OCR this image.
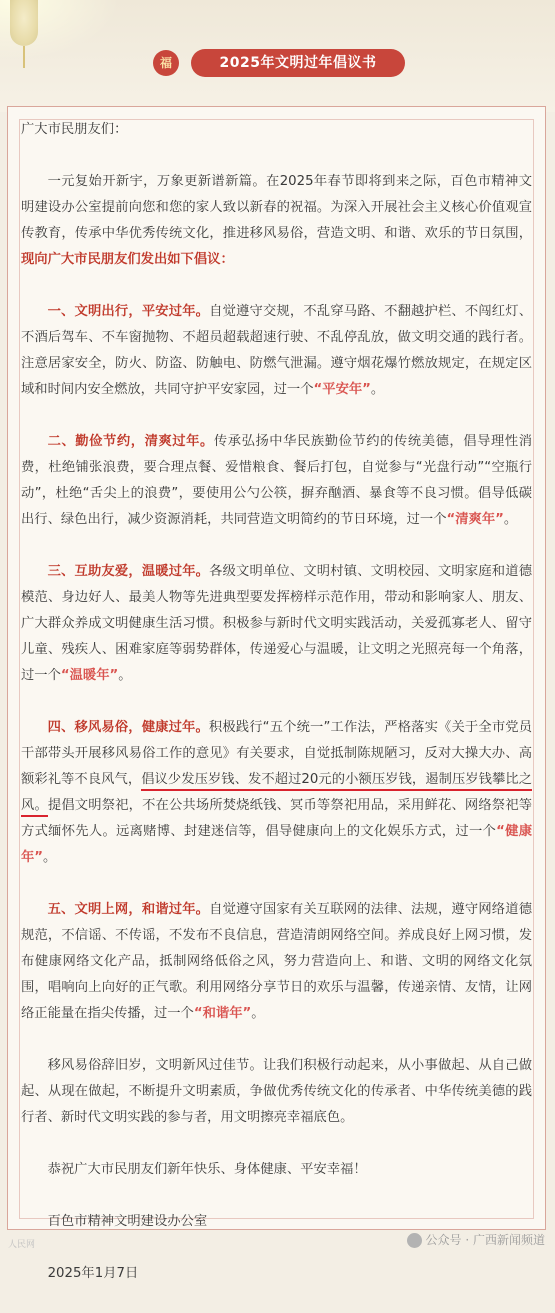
福	2025年文明过年倡议书

广大市民朋友们：

一元复始开新宇，万象更新谱新篇。在2025年春节即将到来之际，百色市精神文明建设办公室提前向您和您的家人致以新春的祝福。为深入开展社会主义核心价值观宣传教育，传承中华优秀传统文化，推进移风易俗，营造文明、和谐、欢乐的节日氛围，现向广大市民朋友们发出如下倡议：

一、文明出行，平安过年。自觉遵守交规，不乱穿马路、不翻越护栏、不闯红灯、不酒后驾车、不车窗抛物、不超员超载超速行驶、不乱停乱放，做文明交通的践行者。注意居家安全，防火、防盗、防触电、防燃气泄漏。遵守烟花爆竹燃放规定，在规定区域和时间内安全燃放，共同守护平安家园，过一个“平安年”。

二、勤俭节约，清爽过年。传承弘扬中华民族勤俭节约的传统美德，倡导理性消费，杜绝铺张浪费，要合理点餐、爱惜粮食、餐后打包，自觉参与“光盘行动”“空瓶行动”，杜绝“舌尖上的浪费”，要使用公勺公筷，摒弃酗酒、暴食等不良习惯。倡导低碳出行、绿色出行，减少资源消耗，共同营造文明简约的节日环境，过一个“清爽年”。

三、互助友爱，温暖过年。各级文明单位、文明村镇、文明校园、文明家庭和道德模范、身边好人、最美人物等先进典型要发挥榜样示范作用，带动和影响家人、朋友、广大群众养成文明健康生活习惯。积极参与新时代文明实践活动，关爱孤寡老人、留守儿童、残疾人、困难家庭等弱势群体，传递爱心与温暖，让文明之光照亮每一个角落，过一个“温暖年”。

四、移风易俗，健康过年。积极践行“五个统一”工作法，严格落实《关于全市党员干部带头开展移风易俗工作的意见》有关要求，自觉抵制陈规陋习，反对大操大办、高额彩礼等不良风气，倡议少发压岁钱、发不超过20元的小额压岁钱，遏制压岁钱攀比之风。提倡文明祭祀，不在公共场所焚烧纸钱、冥币等祭祀用品，采用鲜花、网络祭祀等方式缅怀先人。远离赌博、封建迷信等，倡导健康向上的文化娱乐方式，过一个“健康年”。

五、文明上网，和谐过年。自觉遵守国家有关互联网的法律、法规，遵守网络道德规范，不信谣、不传谣，不发布不良信息，营造清朗网络空间。养成良好上网习惯，发布健康网络文化产品，抵制网络低俗之风，努力营造向上、和谐、文明的网络文化氛围，唱响向上向好的正气歌。利用网络分享节日的欢乐与温馨，传递亲情、友情，让网络正能量在指尖传播，过一个“和谐年”。

移风易俗辞旧岁，文明新风过佳节。让我们积极行动起来，从小事做起、从自己做起、从现在做起，不断提升文明素质，争做优秀传统文化的传承者、中华传统美德的践行者、新时代文明实践的参与者，用文明擦亮幸福底色。

恭祝广大市民朋友们新年快乐、身体健康、平安幸福！

百色市精神文明建设办公室

2025年1月7日

人民网	公众号 · 广西新闻频道
